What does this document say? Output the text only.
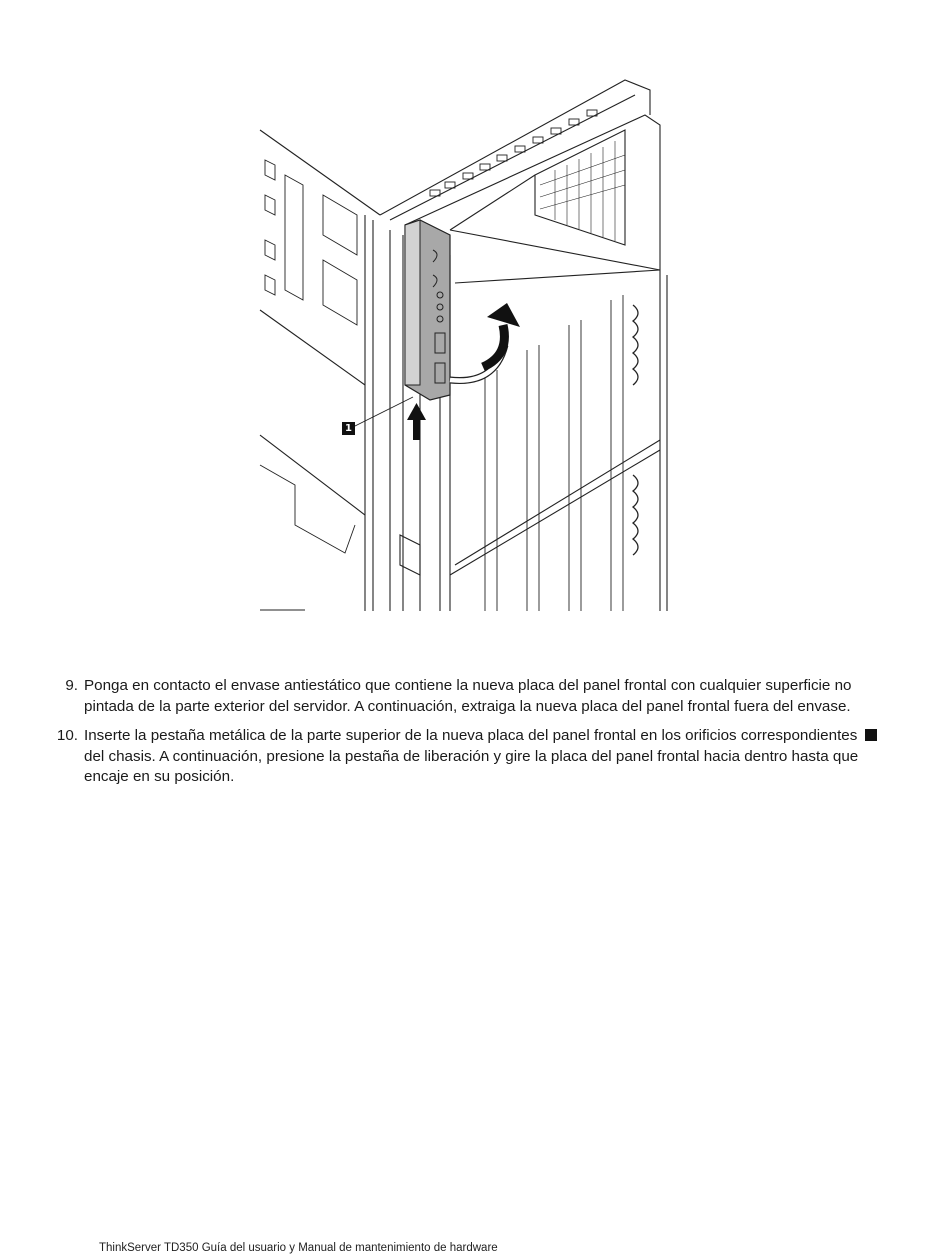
1
9. Ponga en contacto el envase antiestático que contiene la nueva placa del panel frontal con cualquier superficie no pintada de la parte exterior del servidor. A continuación, extraiga la nueva placa del panel frontal fuera del envase.
10. Inserte la pestaña metálica de la parte superior de la nueva placa del panel frontal en los orificios correspondientes  del chasis. A continuación, presione la pestaña de liberación y gire la placa del panel frontal hacia dentro hasta que encaje en su posición.
ThinkServer TD350 Guía del usuario y Manual de mantenimiento de hardware
